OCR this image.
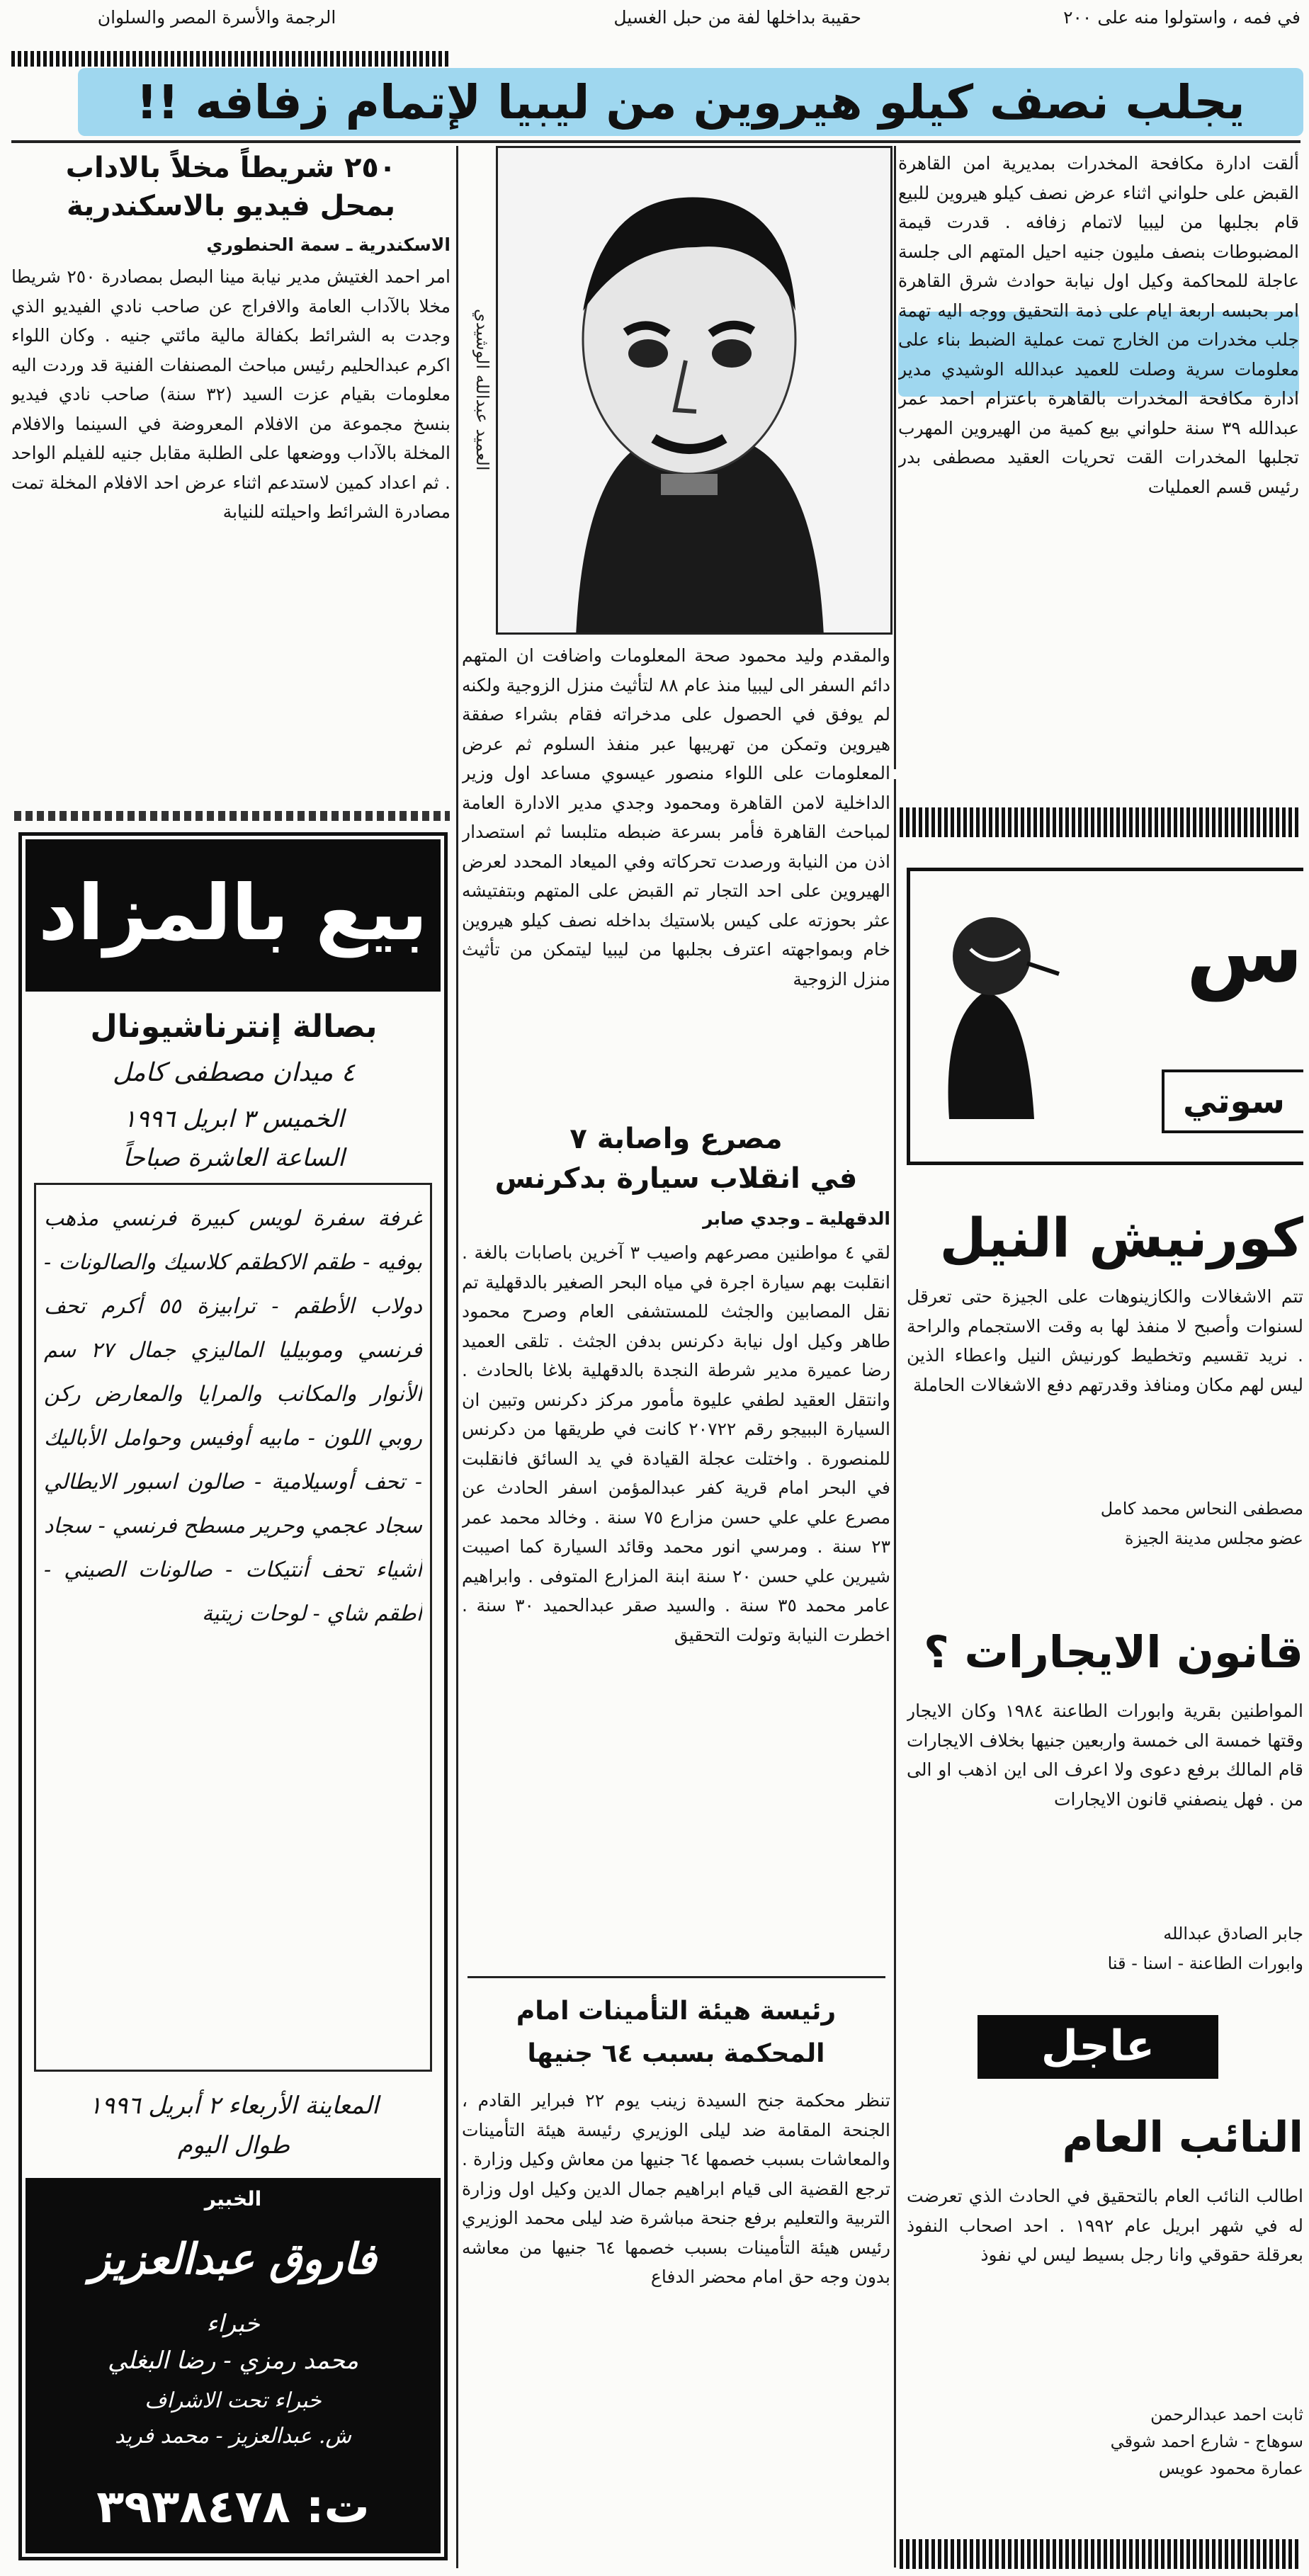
في فمه ، واستولوا منه على ٢٠٠
حقيبة بداخلها لفة من حبل الغسيل
الرجمة والأسرة المصر والسلوان
يجلب نصف كيلو هيروين من ليبيا لإتمام زفافه !!
ألقت ادارة مكافحة المخدرات بمديرية امن القاهرة القبض على حلواني اثناء عرض نصف كيلو هيروين للبيع قام بجلبها من ليبيا لاتمام زفافه . قدرت قيمة المضبوطات بنصف مليون جنيه احيل المتهم الى جلسة عاجلة للمحاكمة وكيل اول نيابة حوادث شرق القاهرة امر بحبسه اربعة ايام على ذمة التحقيق ووجه اليه تهمة جلب مخدرات من الخارج تمت عملية الضبط بناء على معلومات سرية وصلت للعميد عبدالله الوشيدي مدير ادارة مكافحة المخدرات بالقاهرة باعتزام احمد عمر عبدالله ٣٩ سنة حلواني بيع كمية من الهيروين المهرب تجلبها المخدرات القت تحريات العقيد مصطفى بدر رئيس قسم العمليات
العميد عبدالله الوشيدي
والمقدم وليد محمود صحة المعلومات واضافت ان المتهم دائم السفر الى ليبيا منذ عام ٨٨ لتأثيث منزل الزوجية ولكنه لم يوفق في الحصول على مدخراته فقام بشراء صفقة هيروين وتمكن من تهريبها عبر منفذ السلوم ثم عرض المعلومات على اللواء منصور عيسوي مساعد اول وزير الداخلية لامن القاهرة ومحمود وجدي مدير الادارة العامة لمباحث القاهرة فأمر بسرعة ضبطه متلبسا ثم استصدار اذن من النيابة ورصدت تحركاته وفي الميعاد المحدد لعرض الهيروين على احد التجار تم القبض على المتهم وبتفتيشه عثر بحوزته على كيس بلاستيك بداخله نصف كيلو هيروين خام وبمواجهته اعترف بجلبها من ليبيا ليتمكن من تأثيث منزل الزوجية
٢٥٠ شريطاً مخلاً بالاداب
بمحل فيديو بالاسكندرية
الاسكندرية ـ سمة الحنطوري
امر احمد الغتيش مدير نيابة مينا البصل بمصادرة ٢٥٠ شريطا مخلا بالآداب العامة والافراج عن صاحب نادي الفيديو الذي وجدت به الشرائط بكفالة مالية مائتي جنيه . وكان اللواء اكرم عبدالحليم رئيس مباحث المصنفات الفنية قد وردت اليه معلومات بقيام عزت السيد (٣٢ سنة) صاحب نادي فيديو بنسخ مجموعة من الافلام المعروضة في السينما والافلام المخلة بالآداب ووضعها على الطلبة مقابل جنيه للفيلم الواحد . ثم اعداد كمين لاستدعم اثناء عرض احد الافلام المخلة تمت مصادرة الشرائط واحيلته للنيابة
بيع بالمزاد
بصالة إنترناشيونال
٤ ميدان مصطفى كامل
الخميس ٣ ابريل ١٩٩٦
الساعة العاشرة صباحاً
غرفة سفرة لويس كبيرة فرنسي مذهب بوفيه - طقم الاكطقم كلاسيك والصالونات - دولاب الأطقم - ترابيزة ٥٥ أكرم تحف فرنسي وموبيليا الماليزي جمال ٢٧ سم الأنوار والمكانب والمرايا والمعارض ركن روبي اللون - مابيه أوفيس وحوامل الأباليك - تحف أوسيلامية - صالون اسبور الايطالي سجاد عجمي وحرير مسطح فرنسي - سجاد أشياء تحف أنتيكات - صالونات الصيني - أطقم شاي - لوحات زيتية
المعاينة الأربعاء ٢ أبريل ١٩٩٦
طوال اليوم
الخبير
فاروق عبدالعزيز
خبراء
محمد رمزي - رضا البغلي
خبراء تحت الاشراف
ش. عبدالعزيز - محمد فريد
ت: ٣٩٣٨٤٧٨
مصرع واصابة ٧
في انقلاب سيارة بدكرنس
الدقهلية ـ وجدي صابر
لقي ٤ مواطنين مصرعهم واصيب ٣ آخرين باصابات بالغة . انقلبت بهم سيارة اجرة في مياه البحر الصغير بالدقهلية تم نقل المصابين والجثث للمستشفى العام وصرح محمود طاهر وكيل اول نيابة دكرنس بدفن الجثث . تلقى العميد رضا عميرة مدير شرطة النجدة بالدقهلية بلاغا بالحادث . وانتقل العقيد لطفي عليوة مأمور مركز دكرنس وتبين ان السيارة الببيجو رقم ٢٠٧٢٢ كانت في طريقها من دكرنس للمنصورة . واختلت عجلة القيادة في يد السائق فانقلبت في البحر امام قرية كفر عبدالمؤمن اسفر الحادث عن مصرع علي علي حسن مزارع ٧٥ سنة . وخالد محمد عمر ٢٣ سنة . ومرسي انور محمد وقائد السيارة كما اصيبت شيرين علي حسن ٢٠ سنة ابنة المزارع المتوفى . وابراهيم عامر محمد ٣٥ سنة . والسيد صقر عبدالحميد ٣٠ سنة . اخطرت النيابة وتولت التحقيق
رئيسة هيئة التأمينات امام
المحكمة بسبب ٦٤ جنيها
تنظر محكمة جنح السيدة زينب يوم ٢٢ فبراير القادم ، الجنحة المقامة ضد ليلى الوزيري رئيسة هيئة التأمينات والمعاشات بسبب خصمها ٦٤ جنيها من معاش وكيل وزارة . ترجع القضية الى قيام ابراهيم جمال الدين وكيل اول وزارة التربية والتعليم برفع جنحة مباشرة ضد ليلى محمد الوزيري رئيس هيئة التأمينات بسبب خصمها ٦٤ جنيها من معاشه بدون وجه حق امام محضر الدفاع
س
سوتي
كورنيش النيل
تتم الاشغالات والكازينوهات على الجيزة حتى تعرقل لسنوات وأصبح لا منفذ لها به وقت الاستجمام والراحة . نريد تقسيم وتخطيط كورنيش النيل واعطاء الذين ليس لهم مكان ومنافذ وقدرتهم دفع الاشغالات الحاملة
مصطفى النحاس محمد كامل
عضو مجلس مدينة الجيزة
قانون الايجارات ؟
المواطنين بقرية وابورات الطاعنة ١٩٨٤ وكان الايجار وقتها خمسة الى خمسة واربعين جنيها بخلاف الايجارات قام المالك برفع دعوى ولا اعرف الى اين اذهب او الى من . فهل ينصفني قانون الايجارات
جابر الصادق عبدالله
وابورات الطاعنة - اسنا - قنا
عاجل
النائب العام
اطالب النائب العام بالتحقيق في الحادث الذي تعرضت له في شهر ابريل عام ١٩٩٢ . احد اصحاب النفوذ بعرقلة حقوقي وانا رجل بسيط ليس لي نفوذ
ثابت احمد عبدالرحمن
سوهاج - شارع احمد شوقي
عمارة محمود عويس
